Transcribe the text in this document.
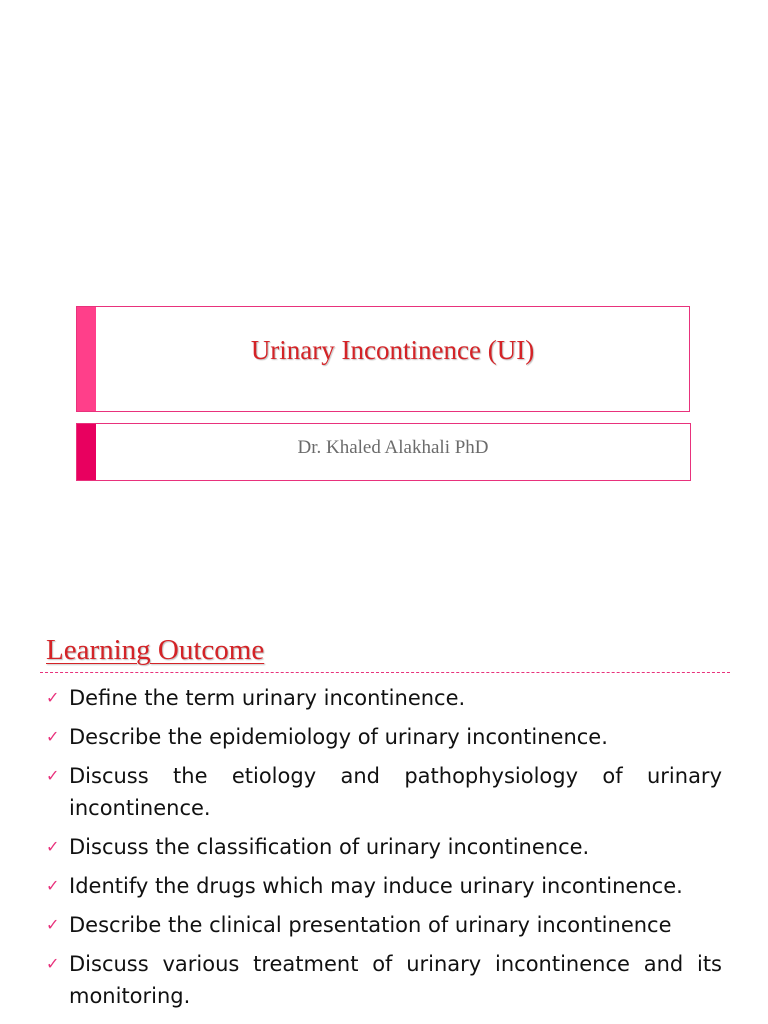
Urinary Incontinence (UI)
Dr. Khaled Alakhali PhD
Learning Outcome
✓ Define the term urinary incontinence.
✓ Describe the epidemiology of urinary incontinence.
✓ Discuss the etiology and pathophysiology of urinary incontinence.
✓ Discuss the classification of urinary incontinence.
✓ Identify the drugs which may induce urinary incontinence.
✓ Describe the clinical presentation of urinary incontinence
✓ Discuss various treatment of urinary incontinence and its monitoring.
